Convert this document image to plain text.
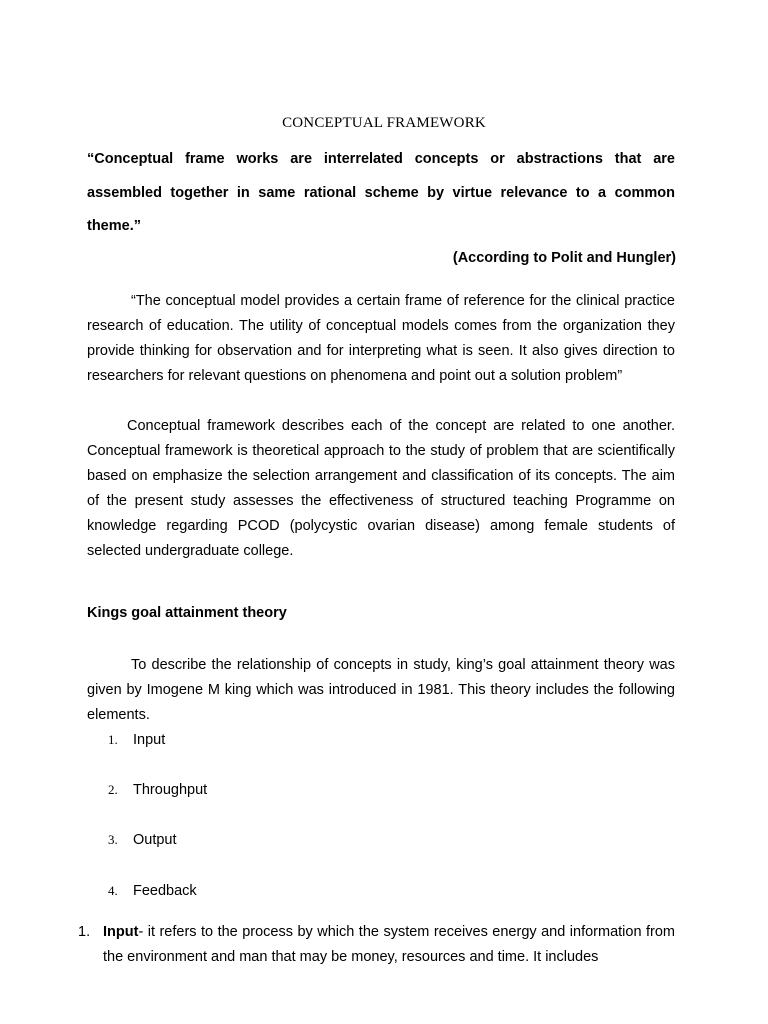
CONCEPTUAL FRAMEWORK
“Conceptual frame works are interrelated concepts or abstractions that are assembled together in same rational scheme by virtue relevance to a common theme.”
(According to Polit and Hungler)
“The conceptual model provides a certain frame of reference for the clinical practice research of education. The utility of conceptual models comes from the organization they provide thinking for observation and for interpreting what is seen. It also gives direction to researchers for relevant questions on phenomena and point out a solution problem”
Conceptual framework describes each of the concept are related to one another. Conceptual framework is theoretical approach to the study of problem that are scientifically based on emphasize the selection arrangement and classification of its concepts. The aim of the present study assesses the effectiveness of structured teaching Programme on knowledge regarding PCOD (polycystic ovarian disease) among female students of selected undergraduate college.
Kings goal attainment theory
To describe the relationship of concepts in study, king’s goal attainment theory was given by Imogene M king which was introduced in 1981. This theory includes the following elements.
1. Input
2. Throughput
3. Output
4. Feedback
1. Input- it refers to the process by which the system receives energy and information from the environment and man that may be money, resources and time. It includes
